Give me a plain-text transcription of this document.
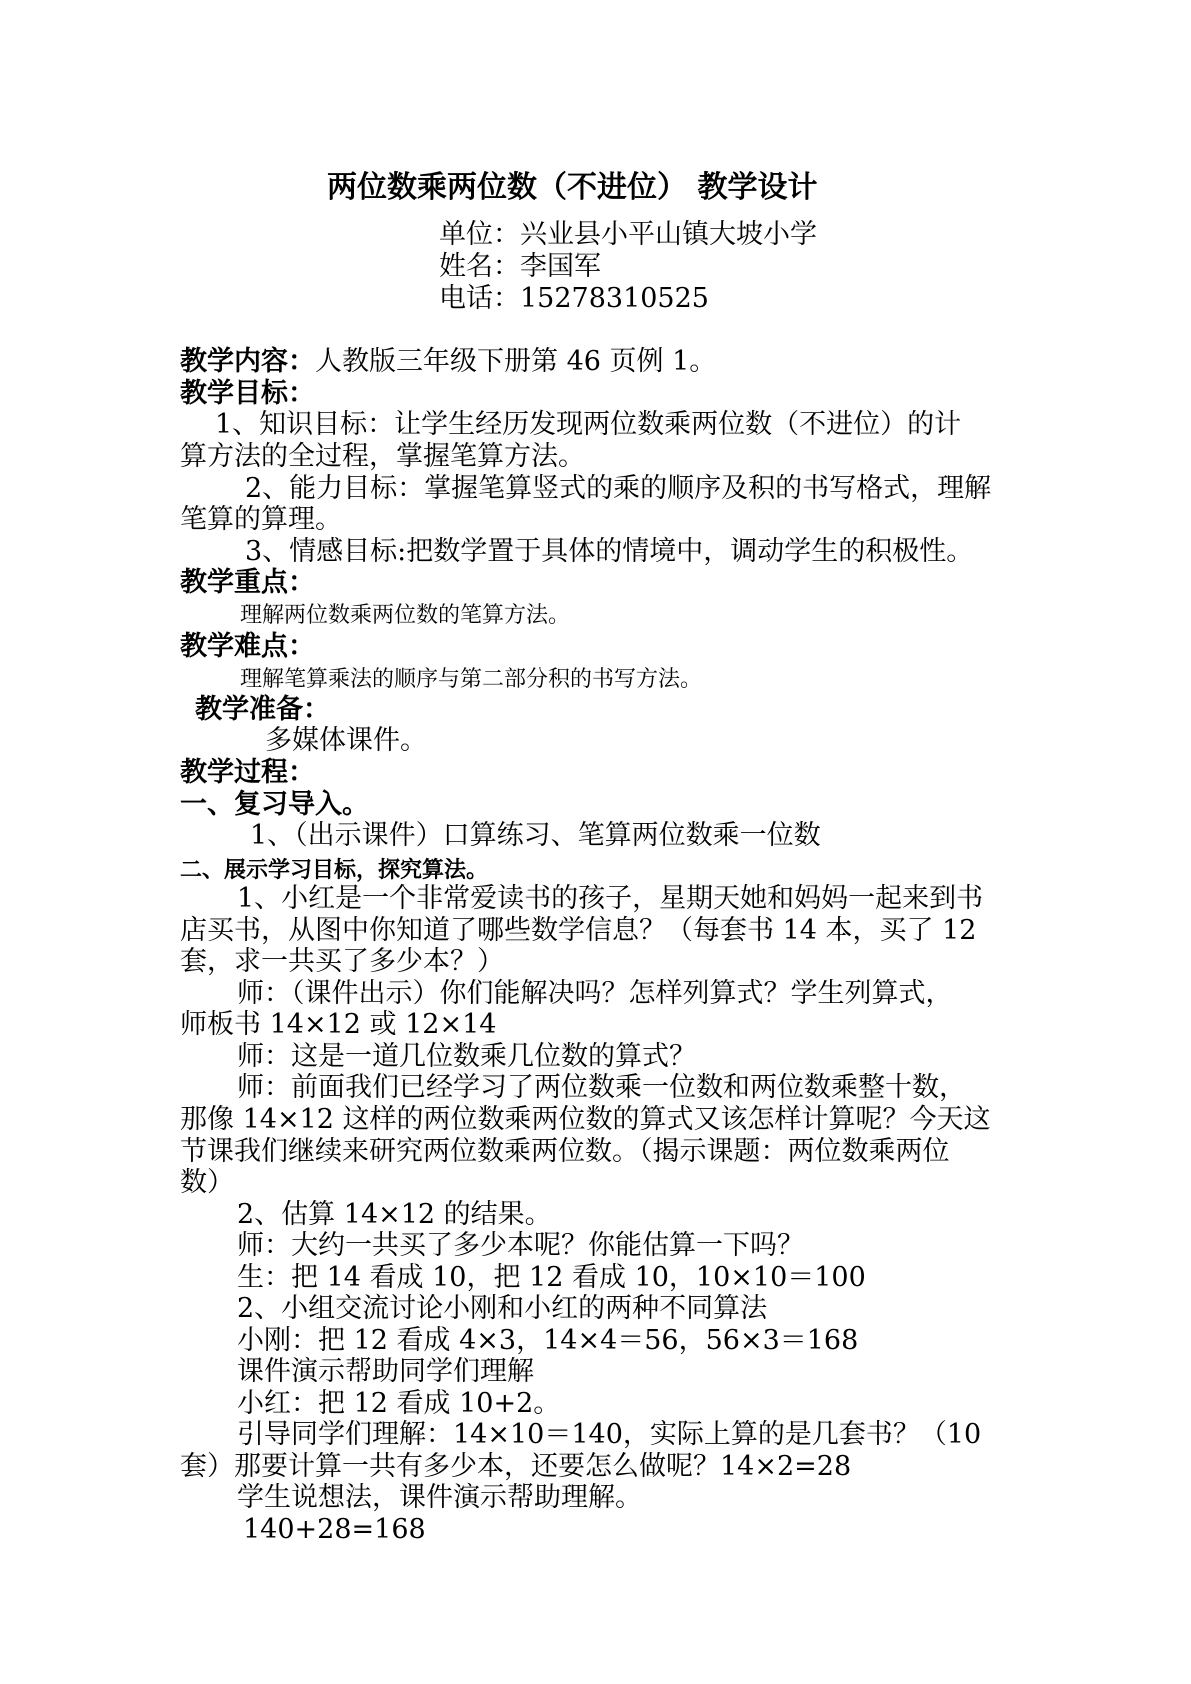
两位数乘两位数（不进位） 教学设计
单位：兴业县小平山镇大坡小学
姓名：李国军
电话：15278310525
教学内容：人教版三年级下册第 46 页例 1。
教学目标：
1、知识目标：让学生经历发现两位数乘两位数（不进位）的计
算方法的全过程，掌握笔算方法。
2、能力目标：掌握笔算竖式的乘的顺序及积的书写格式，理解
笔算的算理。
3、情感目标:把数学置于具体的情境中，调动学生的积极性。
教学重点：
理解两位数乘两位数的笔算方法。
教学难点：
理解笔算乘法的顺序与第二部分积的书写方法。
教学准备：
多媒体课件。
教学过程：
一、复习导入。
1、（出示课件）口算练习、笔算两位数乘一位数
二、展示学习目标，探究算法。
1、小红是一个非常爱读书的孩子，星期天她和妈妈一起来到书
店买书，从图中你知道了哪些数学信息？（每套书 14 本，买了 12
套，求一共买了多少本？）
师：（课件出示）你们能解决吗？怎样列算式？学生列算式，
师板书 14×12 或 12×14
师：这是一道几位数乘几位数的算式？
师：前面我们已经学习了两位数乘一位数和两位数乘整十数，
那像 14×12 这样的两位数乘两位数的算式又该怎样计算呢？今天这
节课我们继续来研究两位数乘两位数。（揭示课题：两位数乘两位
数）
2、估算 14×12 的结果。
师：大约一共买了多少本呢？你能估算一下吗？
生：把 14 看成 10，把 12 看成 10，10×10＝100
2、小组交流讨论小刚和小红的两种不同算法
小刚：把 12 看成 4×3，14×4＝56，56×3＝168
课件演示帮助同学们理解
小红：把 12 看成 10+2。
引导同学们理解：14×10＝140，实际上算的是几套书？（10
套）那要计算一共有多少本，还要怎么做呢？14×2=28
学生说想法，课件演示帮助理解。
140+28=168
